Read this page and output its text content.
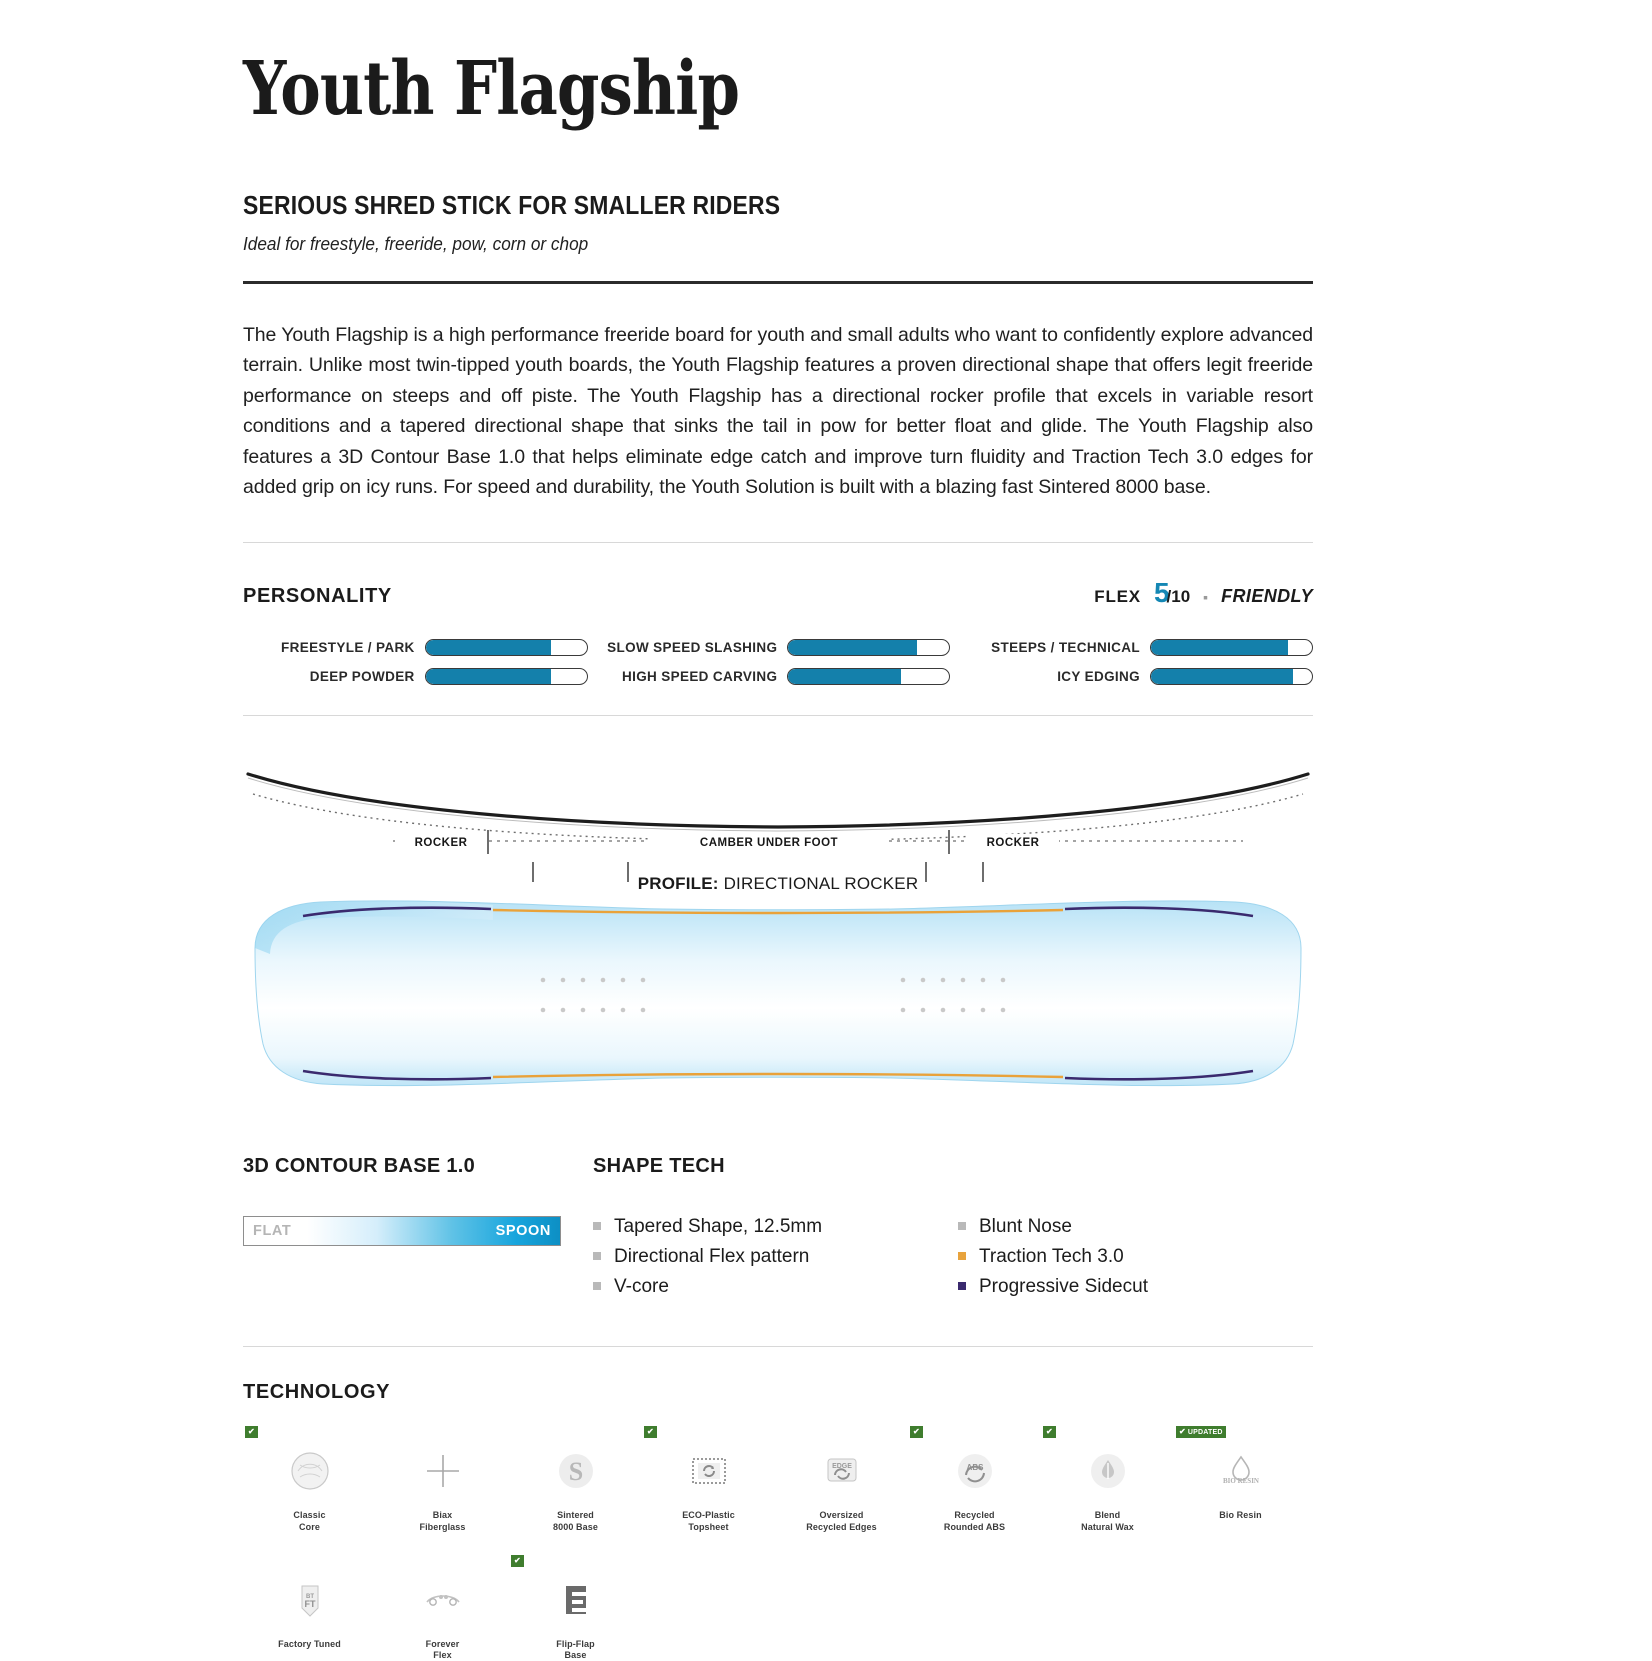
Youth Flagship
SERIOUS SHRED STICK FOR SMALLER RIDERS
Ideal for freestyle, freeride, pow, corn or chop

The Youth Flagship is a high performance freeride board for youth and small adults who want to confidently explore advanced terrain. Unlike most twin-tipped youth boards, the Youth Flagship features a proven directional shape that offers legit freeride performance on steeps and off piste. The Youth Flagship has a directional rocker profile that excels in variable resort conditions and a tapered directional shape that sinks the tail in pow for better float and glide. The Youth Flagship also features a 3D Contour Base 1.0 that helps eliminate edge catch and improve turn fluidity and Traction Tech 3.0 edges for added grip on icy runs. For speed and durability, the Youth Solution is built with a blazing fast Sintered 8000 base.

PERSONALITY	FLEX 5/10 ▪ FRIENDLY
FREESTYLE / PARK	SLOW SPEED SLASHING	STEEPS / TECHNICAL
DEEP POWDER	HIGH SPEED CARVING	ICY EDGING
ROCKER	CAMBER UNDER FOOT	ROCKER
PROFILE: DIRECTIONAL ROCKER
3D CONTOUR BASE 1.0
FLAT	SPOON
SHAPE TECH
Tapered Shape, 12.5mm	Blunt Nose
Directional Flex pattern	Traction Tech 3.0
V-core	Progressive Sidecut
TECHNOLOGY
✔
Classic
Core
Biax
Fiberglass
S
Sintered
8000 Base
✔
ECO-Plastic
Topsheet
EDGE
Oversized
Recycled Edges
✔
ABS
Recycled
Rounded ABS
✔
Blend
Natural Wax
✔ UPDATED
BIO RESIN
Bio Resin
BT
FT
Factory Tuned	Forever
Flex
✔
Flip-Flap
Base
